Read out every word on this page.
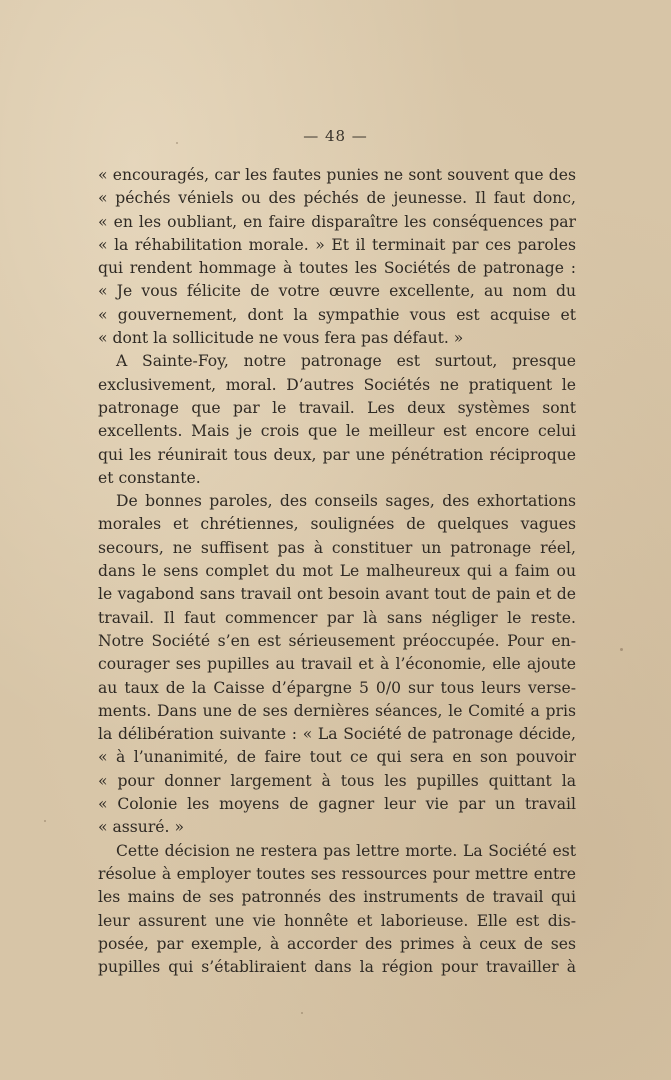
— 48 —
« encouragés, car les fautes punies ne sont souvent que des
« péchés véniels ou des péchés de jeunesse. Il faut donc,
« en les oubliant, en faire disparaître les conséquences par
« la réhabilitation morale. » Et il terminait par ces paroles
qui rendent hommage à toutes les Sociétés de patronage :
« Je vous félicite de votre œuvre excellente, au nom du
« gouvernement, dont la sympathie vous est acquise et
« dont la sollicitude ne vous fera pas défaut. »
A Sainte-Foy, notre patronage est surtout, presque
exclusivement, moral. D’autres Sociétés ne pratiquent le
patronage que par le travail. Les deux systèmes sont
excellents. Mais je crois que le meilleur est encore celui
qui les réunirait tous deux, par une pénétration réciproque
et constante.
De bonnes paroles, des conseils sages, des exhortations
morales et chrétiennes, soulignées de quelques vagues
secours, ne suffisent pas à constituer un patronage réel,
dans le sens complet du mot Le malheureux qui a faim ou
le vagabond sans travail ont besoin avant tout de pain et de
travail. Il faut commencer par là sans négliger le reste.
Notre Société s’en est sérieusement préoccupée. Pour en-
courager ses pupilles au travail et à l’économie, elle ajoute
au taux de la Caisse d’épargne 5 0/0 sur tous leurs verse-
ments. Dans une de ses dernières séances, le Comité a pris
la délibération suivante : « La Société de patronage décide,
« à l’unanimité, de faire tout ce qui sera en son pouvoir
« pour donner largement à tous les pupilles quittant la
« Colonie les moyens de gagner leur vie par un travail
« assuré. »
Cette décision ne restera pas lettre morte. La Société est
résolue à employer toutes ses ressources pour mettre entre
les mains de ses patronnés des instruments de travail qui
leur assurent une vie honnête et laborieuse. Elle est dis-
posée, par exemple, à accorder des primes à ceux de ses
pupilles qui s’établiraient dans la région pour travailler à
